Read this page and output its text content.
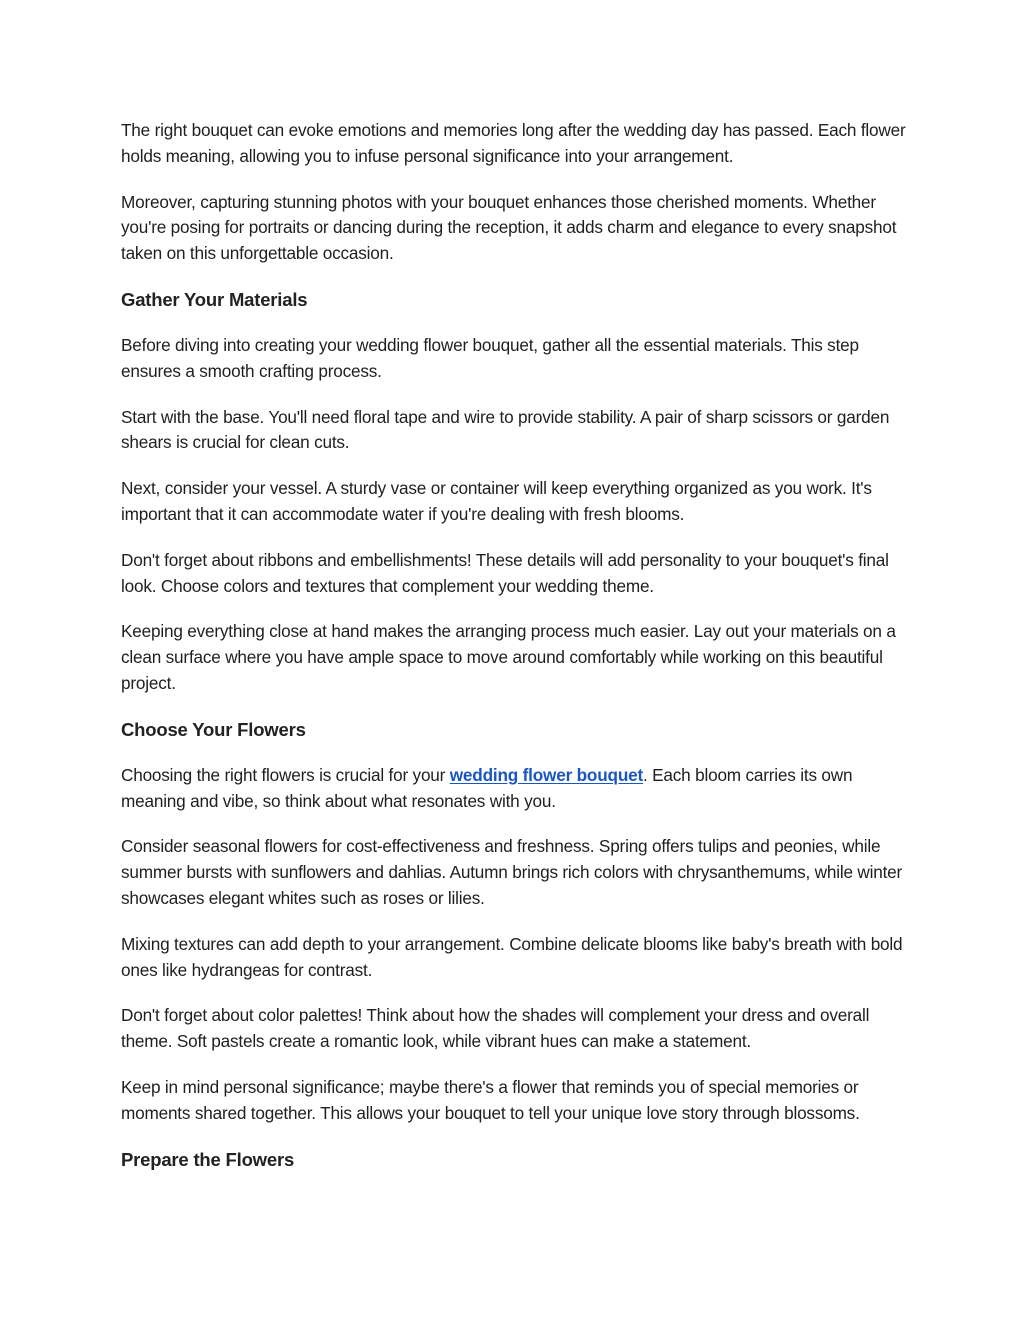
The right bouquet can evoke emotions and memories long after the wedding day has passed. Each flower holds meaning, allowing you to infuse personal significance into your arrangement.

Moreover, capturing stunning photos with your bouquet enhances those cherished moments. Whether you're posing for portraits or dancing during the reception, it adds charm and elegance to every snapshot taken on this unforgettable occasion.

Gather Your Materials

Before diving into creating your wedding flower bouquet, gather all the essential materials. This step ensures a smooth crafting process.

Start with the base. You'll need floral tape and wire to provide stability. A pair of sharp scissors or garden shears is crucial for clean cuts.

Next, consider your vessel. A sturdy vase or container will keep everything organized as you work. It's important that it can accommodate water if you're dealing with fresh blooms.

Don't forget about ribbons and embellishments! These details will add personality to your bouquet's final look. Choose colors and textures that complement your wedding theme.

Keeping everything close at hand makes the arranging process much easier. Lay out your materials on a clean surface where you have ample space to move around comfortably while working on this beautiful project.

Choose Your Flowers

Choosing the right flowers is crucial for your wedding flower bouquet. Each bloom carries its own meaning and vibe, so think about what resonates with you.

Consider seasonal flowers for cost-effectiveness and freshness. Spring offers tulips and peonies, while summer bursts with sunflowers and dahlias. Autumn brings rich colors with chrysanthemums, while winter showcases elegant whites such as roses or lilies.

Mixing textures can add depth to your arrangement. Combine delicate blooms like baby's breath with bold ones like hydrangeas for contrast.

Don't forget about color palettes! Think about how the shades will complement your dress and overall theme. Soft pastels create a romantic look, while vibrant hues can make a statement.

Keep in mind personal significance; maybe there's a flower that reminds you of special memories or moments shared together. This allows your bouquet to tell your unique love story through blossoms.

Prepare the Flowers
